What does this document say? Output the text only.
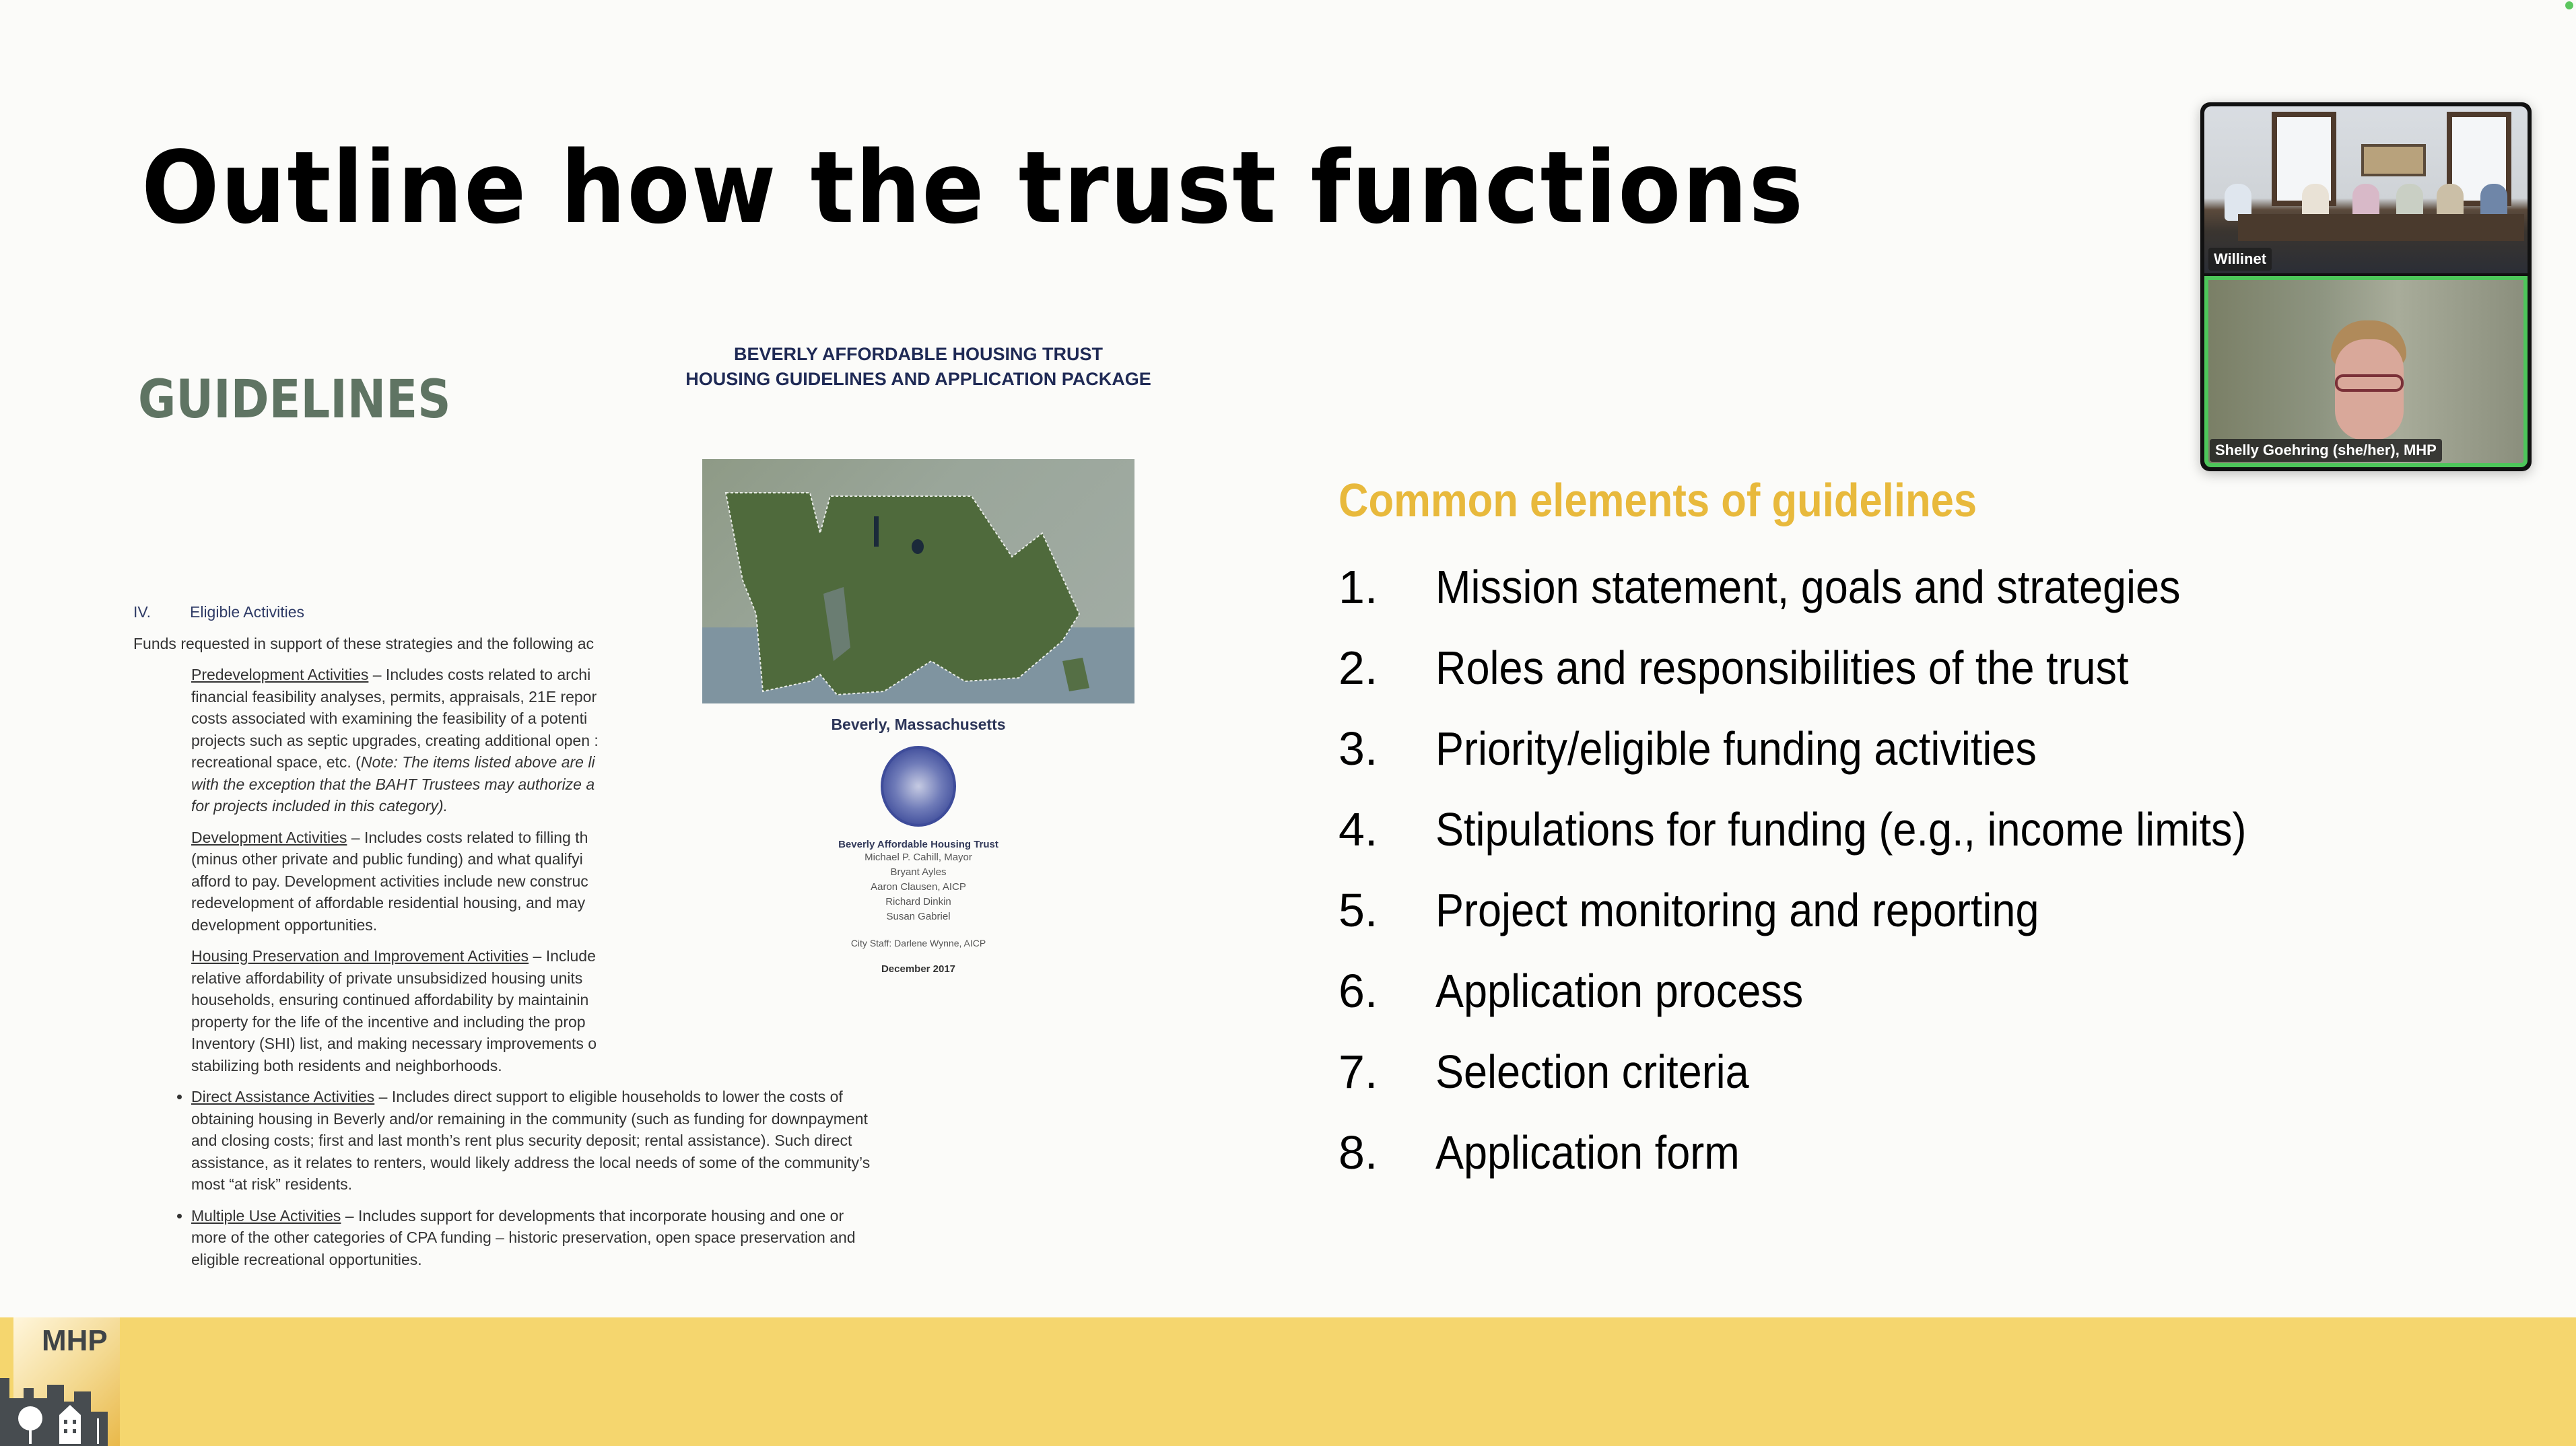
Outline how the trust functions
GUIDELINES
BEVERLY AFFORDABLE HOUSING TRUST
HOUSING GUIDELINES AND APPLICATION PACKAGE
Beverly, Massachusetts
Beverly Affordable Housing Trust
Michael P. Cahill, Mayor
Bryant Ayles
Aaron Clausen, AICP
Richard Dinkin
Susan Gabriel
City Staff: Darlene Wynne, AICP
December 2017
IV.	Eligible Activities
Funds requested in support of these strategies and the following ac
• Predevelopment Activities – Includes costs related to archi
financial feasibility analyses, permits, appraisals, 21E repor
costs associated with examining the feasibility of a potenti
projects such as septic upgrades, creating additional open :
recreational space, etc. (Note: The items listed above are li
with the exception that the BAHT Trustees may authorize a
for projects included in this category).
• Development Activities – Includes costs related to filling th
(minus other private and public funding) and what qualifyi
afford to pay. Development activities include new construc
redevelopment of affordable residential housing, and may
development opportunities.
• Housing Preservation and Improvement Activities – Include
relative affordability of private unsubsidized housing units
households, ensuring continued affordability by maintainin
property for the life of the incentive and including the prop
Inventory (SHI) list, and making necessary improvements o
stabilizing both residents and neighborhoods.
• Direct Assistance Activities – Includes direct support to eligible households to lower the costs of obtaining housing in Beverly and/or remaining in the community (such as funding for downpayment and closing costs; first and last month’s rent plus security deposit; rental assistance). Such direct assistance, as it relates to renters, would likely address the local needs of some of the community’s most “at risk” residents.
• Multiple Use Activities – Includes support for developments that incorporate housing and one or more of the other categories of CPA funding – historic preservation, open space preservation and eligible recreational opportunities.
Common elements of guidelines
1. Mission statement, goals and strategies
2. Roles and responsibilities of the trust
3. Priority/eligible funding activities
4. Stipulations for funding (e.g., income limits)
5. Project monitoring and reporting
6. Application process
7. Selection criteria
8. Application form
Willinet
Shelly Goehring (she/her), MHP
MHP
